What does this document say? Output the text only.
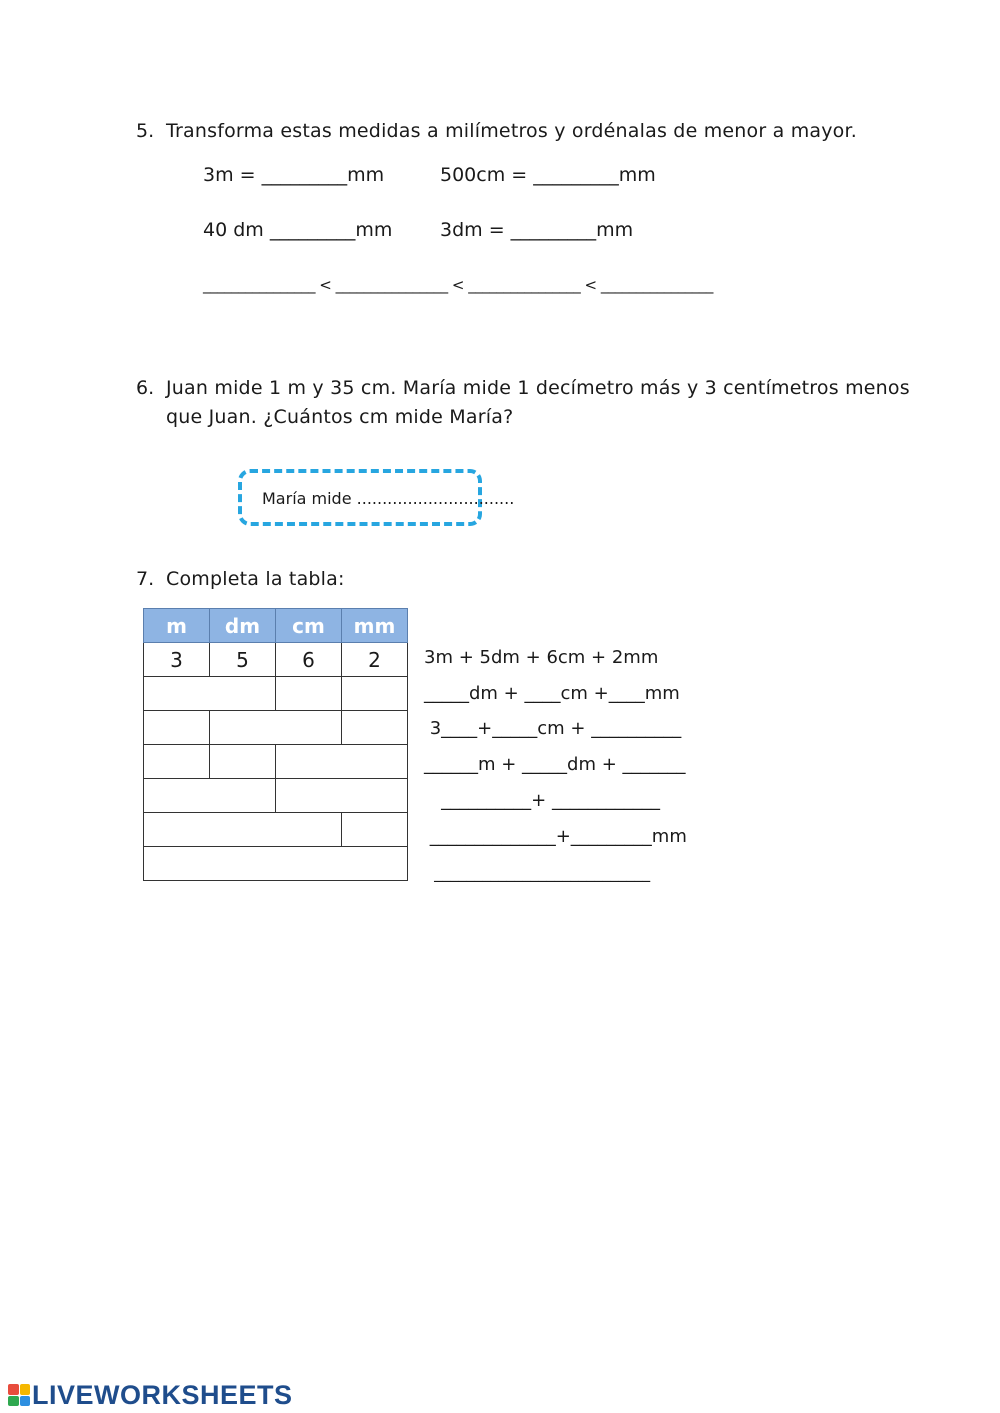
5. Transforma estas medidas a milímetros y ordénalas de menor a mayor.
3m = _________mm	500cm = _________mm
40 dm _________mm	3dm = _________mm
________________ < ________________ < ________________ < ________________
6. Juan mide 1 m y 35 cm. María mide 1 decímetro más y 3 centímetros menos
que Juan. ¿Cuántos cm mide María?
María mide ...............................
7. Completa la tabla:
m	dm	cm	mm
3	5	6	2

	3m + 5dm + 6cm + 2mm
_____dm + ____cm +____mm
3____+_____cm + __________
______m + _____dm + _______
__________+ ____________
______________+_________mm
___________________________
LIVEWORKSHEETS
